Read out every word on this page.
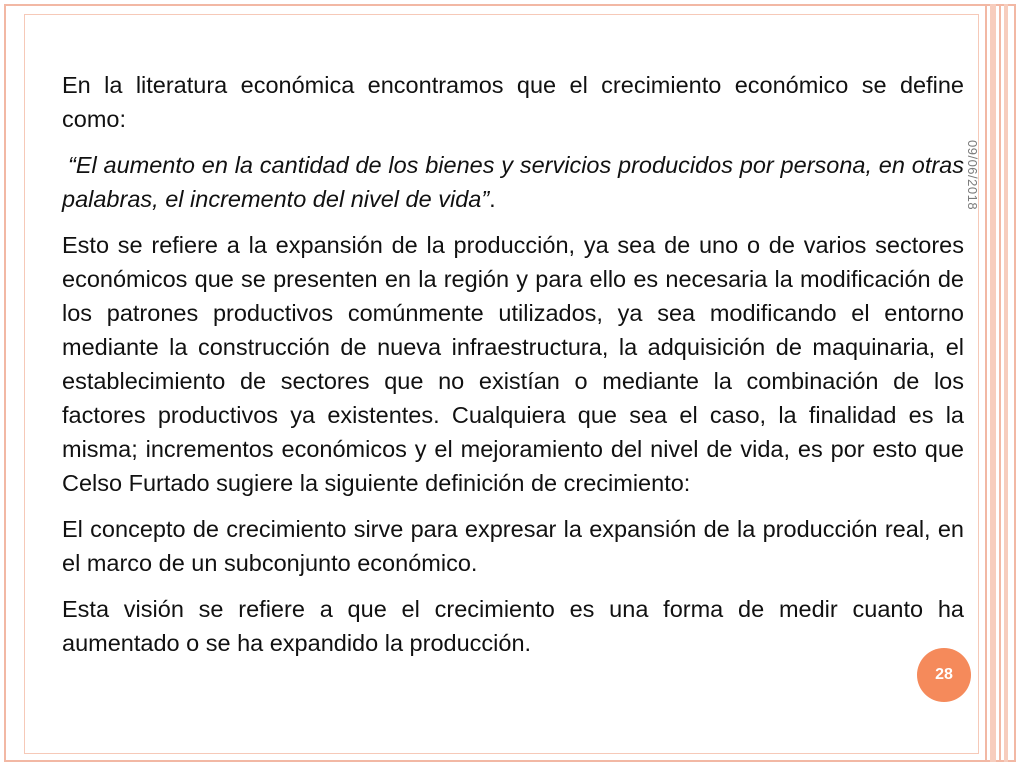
En la literatura económica encontramos que el crecimiento económico se define como:

“El aumento en la cantidad de los bienes y servicios producidos por persona, en otras palabras, el incremento del nivel de vida”.

Esto se refiere a la expansión de la producción, ya sea de uno o de varios sectores económicos que se presenten en la región y para ello es necesaria la modificación de los patrones productivos comúnmente utilizados, ya sea modificando el entorno mediante la construcción de nueva infraestructura, la adquisición de maquinaria, el establecimiento de sectores que no existían o mediante la combinación de los factores productivos ya existentes. Cualquiera que sea el caso, la finalidad es la misma; incrementos económicos y el mejoramiento del nivel de vida, es por esto que Celso Furtado sugiere la siguiente definición de crecimiento:

El concepto de crecimiento sirve para expresar la expansión de la producción real, en el marco de un subconjunto económico.

Esta visión se refiere a que el crecimiento es una forma de medir cuanto ha aumentado o se ha expandido la producción.

09/06/2018
28
